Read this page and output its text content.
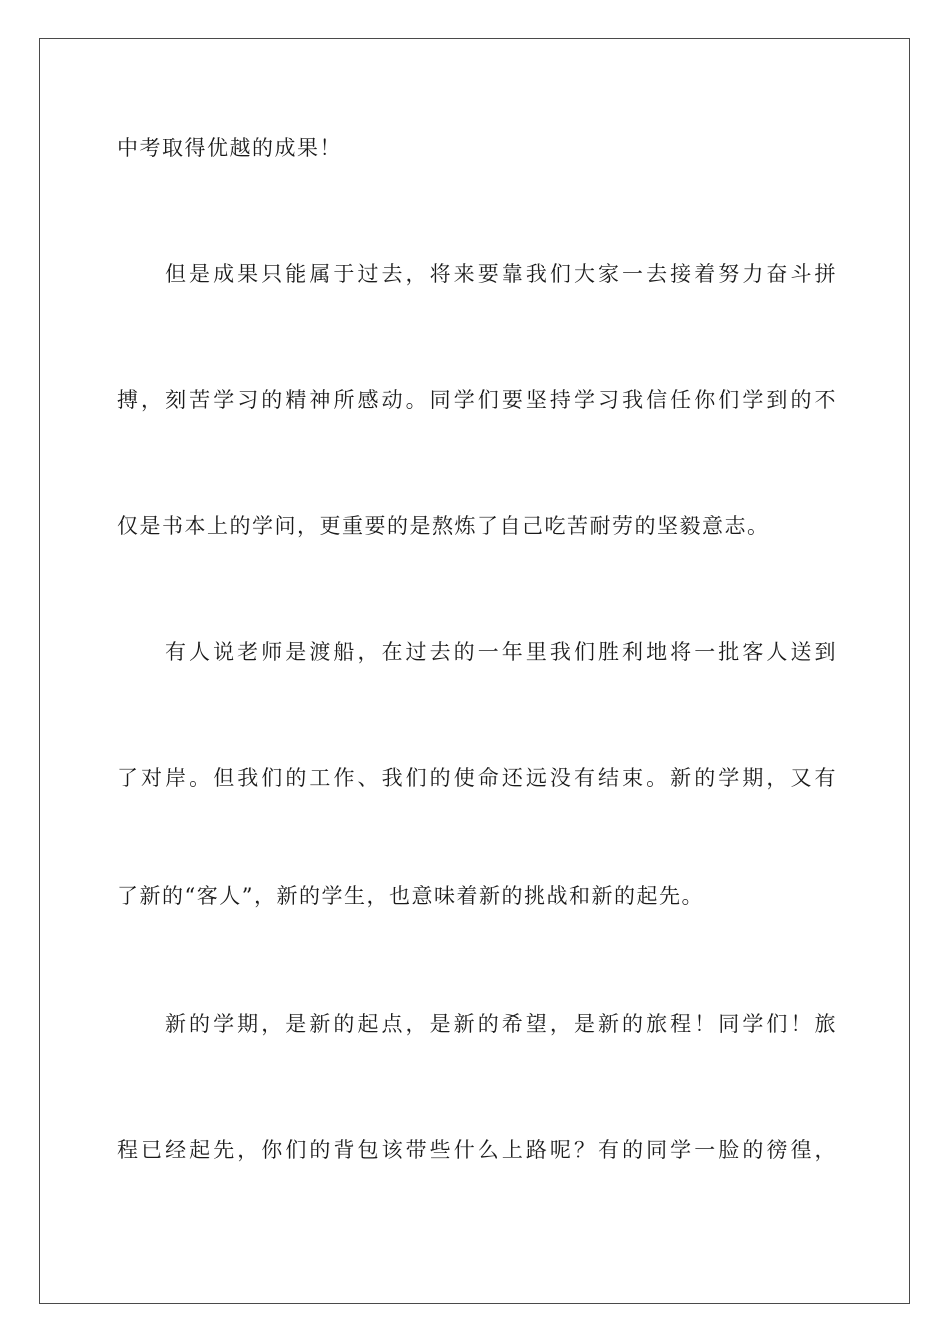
中考取得优越的成果！
但是成果只能属于过去，将来要靠我们大家一去接着努力奋斗拼
搏，刻苦学习的精神所感动。同学们要坚持学习我信任你们学到的不
仅是书本上的学问，更重要的是熬炼了自己吃苦耐劳的坚毅意志。
有人说老师是渡船，在过去的一年里我们胜利地将一批客人送到
了对岸。但我们的工作、我们的使命还远没有结束。新的学期，又有
了新的“客人”，新的学生，也意味着新的挑战和新的起先。
新的学期，是新的起点，是新的希望，是新的旅程！同学们！旅
程已经起先，你们的背包该带些什么上路呢？有的同学一脸的徬徨，
